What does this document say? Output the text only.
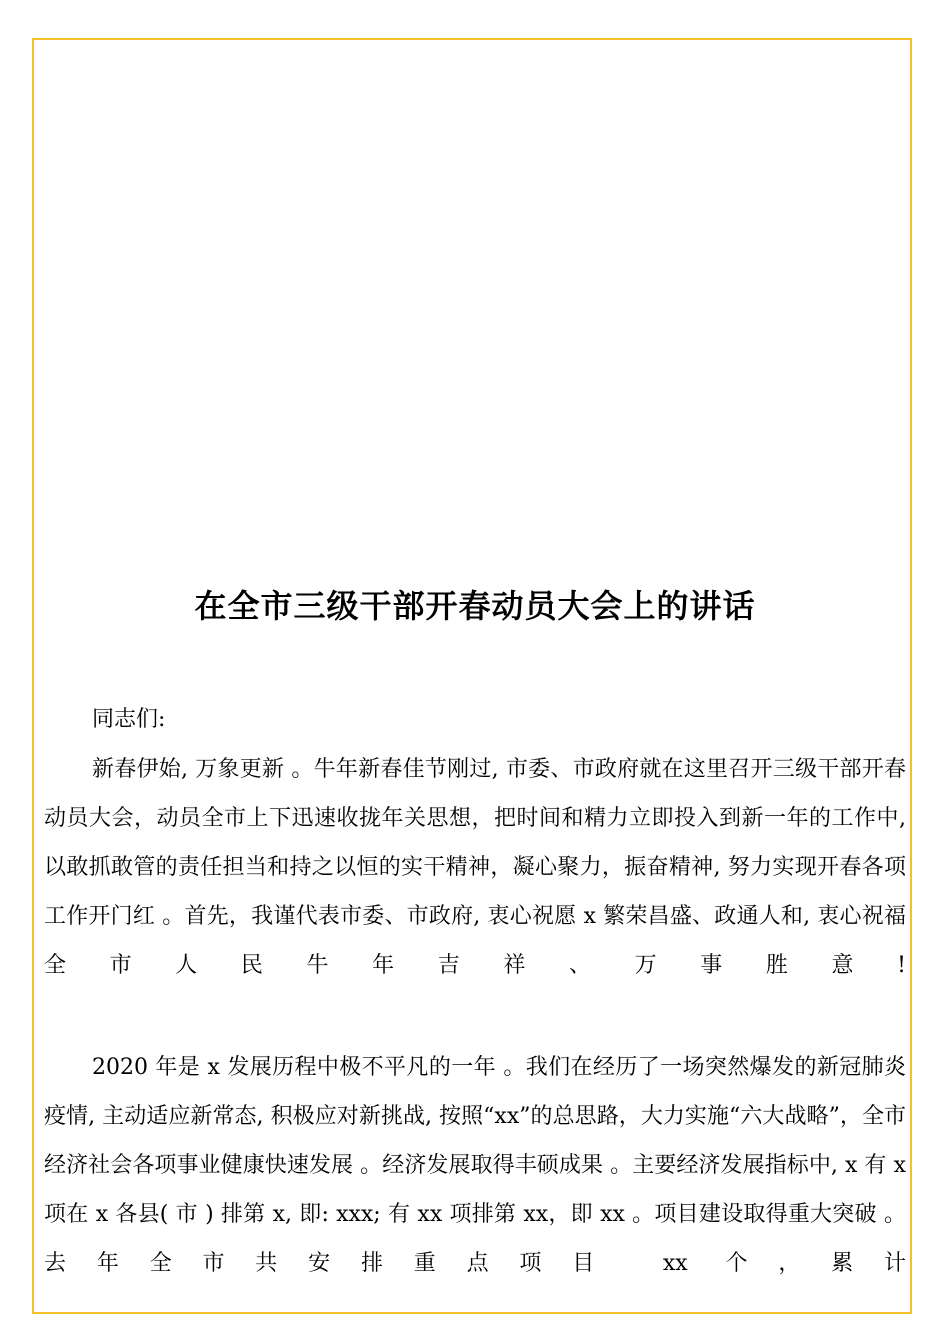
在全市三级干部开春动员大会上的讲话
同志们:

新春伊始, 万象更新 。牛年新春佳节刚过, 市委、市政府就在这里召开三级干部开春动员大会，动员全市上下迅速收拢年关思想，把时间和精力立即投入到新一年的工作中, 以敢抓敢管的责任担当和持之以恒的实干精神，凝心聚力，振奋精神, 努力实现开春各项工作开门红 。首先，我谨代表市委、市政府, 衷心祝愿 x 繁荣昌盛、政通人和, 衷心祝福全市人民牛年吉祥、万事胜意!

2020 年是 x 发展历程中极不平凡的一年 。我们在经历了一场突然爆发的新冠肺炎疫情, 主动适应新常态, 积极应对新挑战, 按照“xx”的总思路，大力实施“六大战略”，全市经济社会各项事业健康快速发展 。经济发展取得丰硕成果 。主要经济发展指标中, x 有 x 项在 x 各县( 市 ) 排第 x, 即: xxx; 有 xx 项排第 xx，即 xx 。项目建设取得重大突破 。去年全市共安排重点项目 xx 个，累计
